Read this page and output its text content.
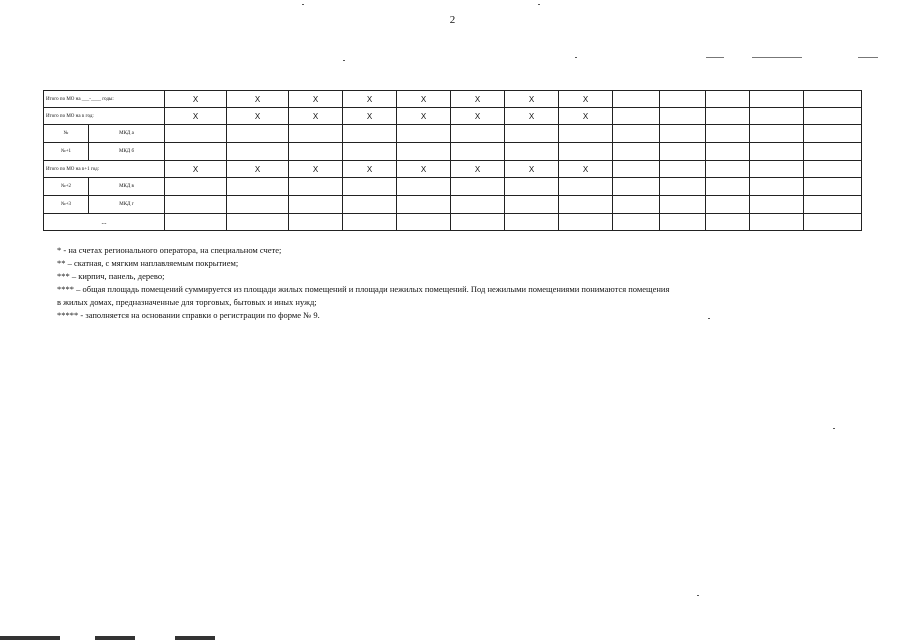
2
Итого по МО на ___-____ годы:		X	X	X	X	X	X	X	X					
Итого по МО на n год:		X	X	X	X	X	X	X	X					
№	МКД а													
№+1	МКД б													
Итого по МО на n+1 год:		X	X	X	X	X	X	X	X					
№+2	МКД в													
№+3	МКД г													
...														
* - на счетах регионального оператора, на специальном счете;
** – скатная, с мягким наплавляемым покрытием;
*** – кирпич, панель, дерево;
**** – общая площадь помещений суммируется из площади жилых помещений и площади нежилых помещений. Под нежилыми помещениями понимаются помещения
в жилых домах, предназначенные для торговых, бытовых и иных нужд;
***** - заполняется на основании справки о регистрации по форме № 9.
